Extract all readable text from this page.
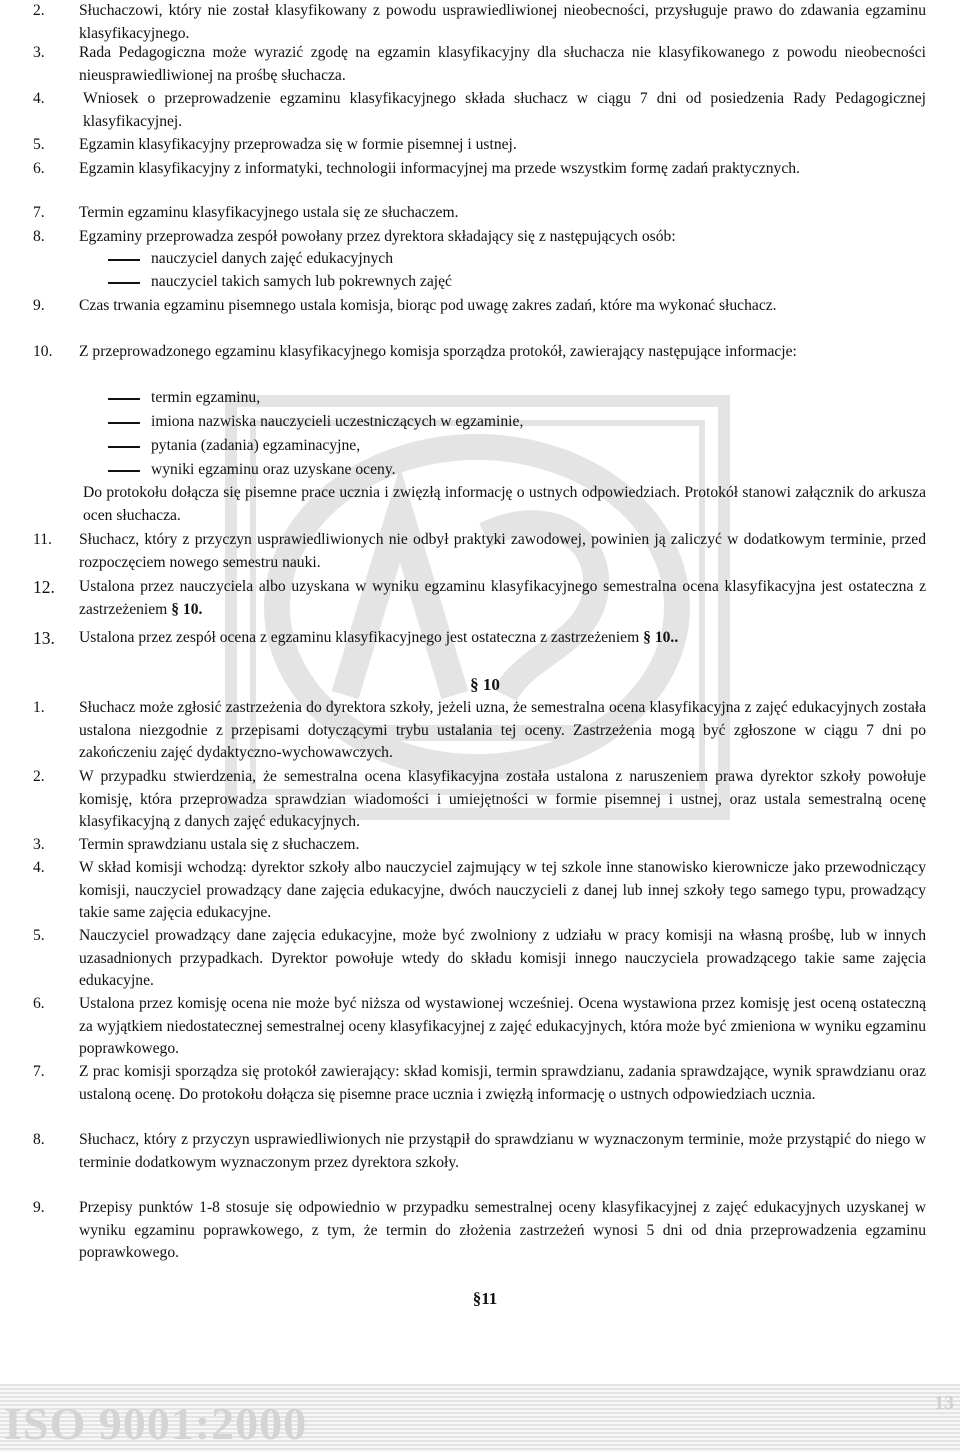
2.	Słuchaczowi, który nie został klasyfikowany z powodu usprawiedliwionej nieobecności, przysługuje prawo do zdawania egzaminu klasyfikacyjnego.
3.	Rada Pedagogiczna może wyrazić zgodę na egzamin klasyfikacyjny dla słuchacza nie klasyfikowanego z powodu nieobecności nieusprawiedliwionej na prośbę słuchacza.
4.	Wniosek o przeprowadzenie egzaminu klasyfikacyjnego składa słuchacz w ciągu 7 dni od posiedzenia Rady Pedagogicznej klasyfikacyjnej.
5.	Egzamin klasyfikacyjny przeprowadza się w formie pisemnej i ustnej.
6.	Egzamin klasyfikacyjny z informatyki, technologii informacyjnej ma przede wszystkim formę zadań praktycznych.
7.	Termin egzaminu klasyfikacyjnego ustala się ze słuchaczem.
8.	Egzaminy przeprowadza zespół powołany przez dyrektora składający się z następujących osób:
nauczyciel danych zajęć edukacyjnych
nauczyciel takich samych lub pokrewnych zajęć
9.	Czas trwania egzaminu pisemnego ustala komisja, biorąc pod uwagę zakres zadań, które ma wykonać słuchacz.
10.	Z przeprowadzonego egzaminu klasyfikacyjnego komisja sporządza protokół, zawierający następujące informacje:
termin egzaminu,
imiona nazwiska nauczycieli uczestniczących w egzaminie,
pytania (zadania) egzaminacyjne,
wyniki egzaminu oraz uzyskane oceny.
Do protokołu dołącza się pisemne prace ucznia i zwięzłą informację o ustnych odpowiedziach. Protokół stanowi załącznik do arkusza ocen słuchacza.
11.	Słuchacz, który z przyczyn usprawiedliwionych nie odbył praktyki zawodowej, powinien ją zaliczyć w dodatkowym terminie, przed rozpoczęciem nowego semestru nauki.
12.	Ustalona przez nauczyciela albo uzyskana w wyniku egzaminu klasyfikacyjnego semestralna ocena klasyfikacyjna jest ostateczna z zastrzeżeniem § 10.
13.	Ustalona przez zespół ocena z egzaminu klasyfikacyjnego jest ostateczna z zastrzeżeniem § 10..
§ 10
1.	Słuchacz może zgłosić zastrzeżenia do dyrektora szkoły, jeżeli uzna, że semestralna ocena klasyfikacyjna z zajęć edukacyjnych została ustalona niezgodnie z przepisami dotyczącymi trybu ustalania tej oceny. Zastrzeżenia mogą być zgłoszone w ciągu 7 dni po zakończeniu zajęć dydaktyczno-wychowawczych.
2.	W przypadku stwierdzenia, że semestralna ocena klasyfikacyjna została ustalona z naruszeniem prawa dyrektor szkoły powołuje komisję, która przeprowadza sprawdzian wiadomości i umiejętności w formie pisemnej i ustnej, oraz ustala semestralną ocenę klasyfikacyjną z danych zajęć edukacyjnych.
3.	Termin sprawdzianu ustala się z słuchaczem.
4.	W skład komisji wchodzą: dyrektor szkoły albo nauczyciel zajmujący w tej szkole inne stanowisko kierownicze jako przewodniczący komisji, nauczyciel prowadzący dane zajęcia edukacyjne, dwóch nauczycieli z danej lub innej szkoły tego samego typu, prowadzący takie same zajęcia edukacyjne.
5.	Nauczyciel prowadzący dane zajęcia edukacyjne, może być zwolniony z udziału w pracy komisji na własną prośbę, lub w innych uzasadnionych przypadkach. Dyrektor powołuje wtedy do składu komisji innego nauczyciela prowadzącego takie same zajęcia edukacyjne.
6.	Ustalona przez komisję ocena nie może być niższa od wystawionej wcześniej. Ocena wystawiona przez komisję jest oceną ostateczną za wyjątkiem niedostatecznej semestralnej oceny klasyfikacyjnej z zajęć edukacyjnych, która może być zmieniona w wyniku egzaminu poprawkowego.
7.	Z prac komisji sporządza się protokół zawierający: skład komisji, termin sprawdzianu, zadania sprawdzające, wynik sprawdzianu oraz ustaloną ocenę. Do protokołu dołącza się pisemne prace ucznia i zwięzłą informację o ustnych odpowiedziach ucznia.
8.	Słuchacz, który z przyczyn usprawiedliwionych nie przystąpił do sprawdzianu w wyznaczonym terminie, może przystąpić do niego w terminie dodatkowym wyznaczonym przez dyrektora szkoły.
9.	Przepisy punktów 1-8 stosuje się odpowiednio w przypadku semestralnej oceny klasyfikacyjnej z zajęć edukacyjnych uzyskanej w wyniku egzaminu poprawkowego, z tym, że termin do złożenia zastrzeżeń wynosi 5 dni od dnia przeprowadzenia egzaminu poprawkowego.
§11
ISO 9001:2000	13
